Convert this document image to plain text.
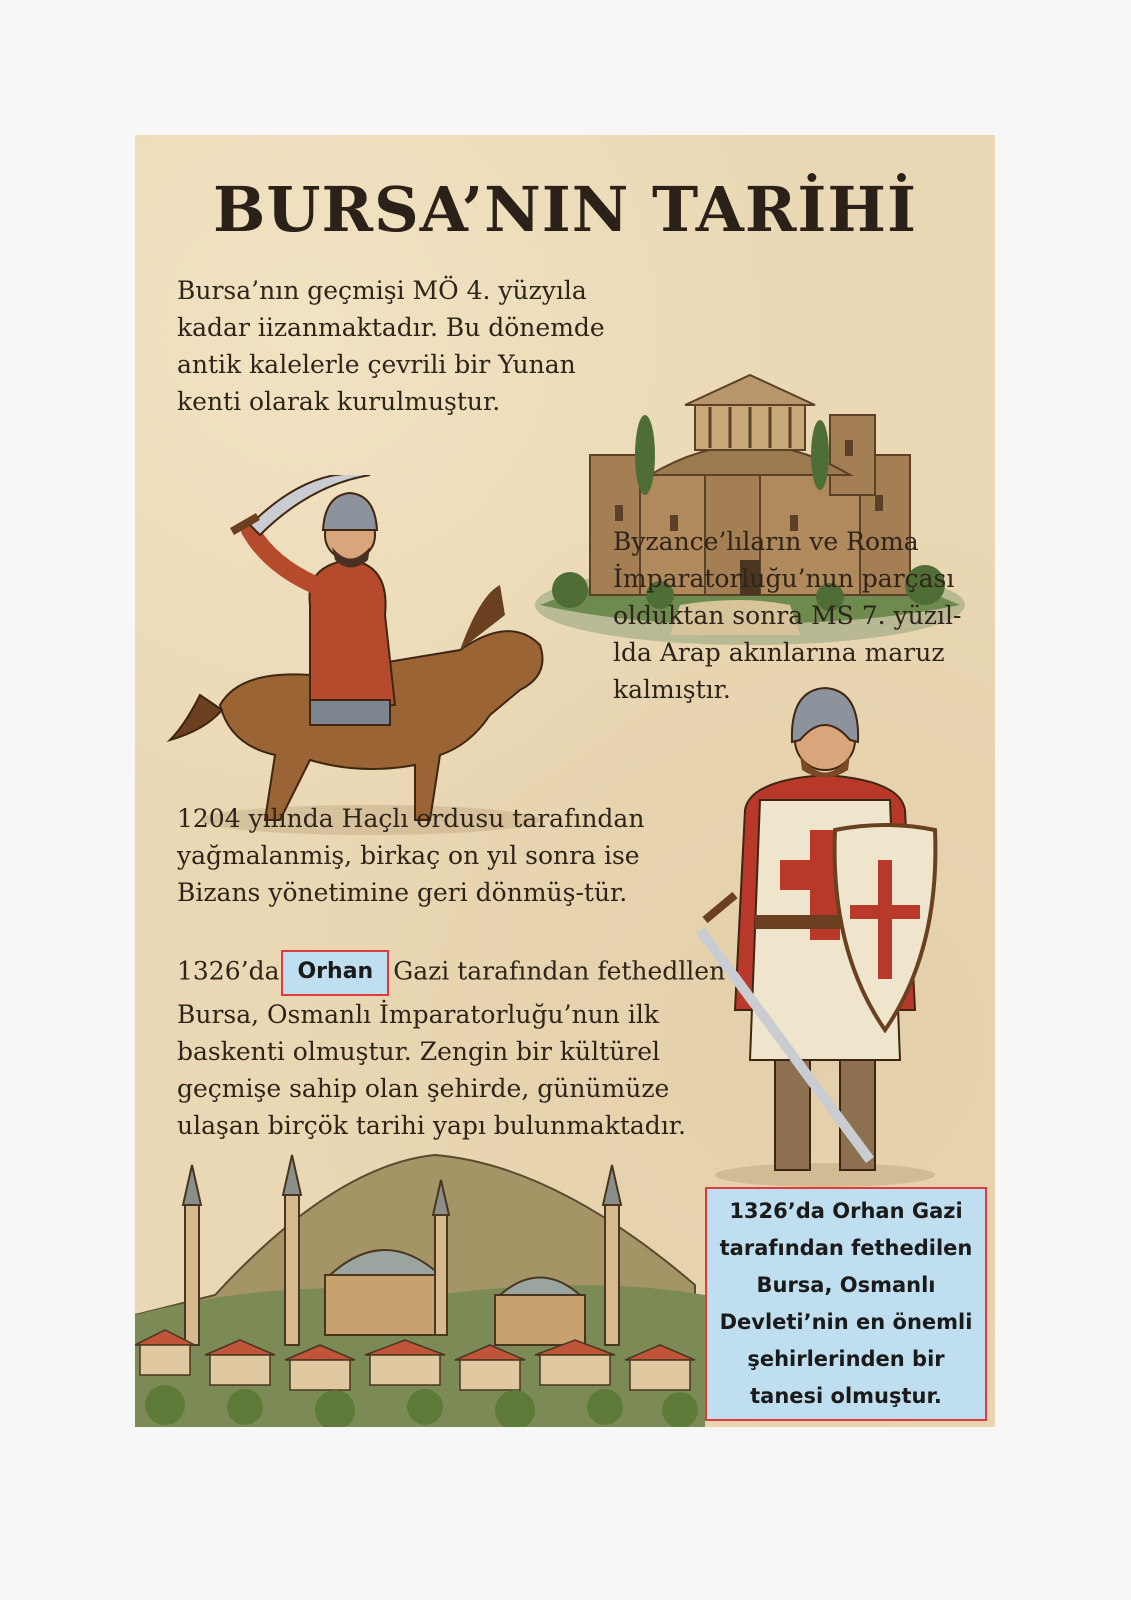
BURSA’NIN TARİHİ
Bursa’nın geçmişi MÖ 4. yüzyıla kadar iizanmaktadır. Bu dönemde antik kalelerle çevrili bir Yunan kenti olarak kurulmuştur.
Byzance’lıların ve Roma İmparatorluğu’nun parçası olduktan sonra MS 7. yüzıl-lda Arap akınlarına maruz kalmıştır.
1204 yılında Haçlı ordusu tarafından yağmalanmiş, birkaç on yıl sonra ise Bizans yönetimine geri dönmüş-tür.
1326’da Orhan Gazi tarafından fethedllen Bursa, Osmanlı İmparatorluğu’nun ilk baskenti olmuştur. Zengin bir kültürel geçmişe sahip olan şehirde, günümüze ulaşan birçök tarihi yapı bulunmaktadır.
1326’da Orhan Gazi tarafından fethedilen Bursa, Osmanlı Devleti’nin en önemli şehirlerinden bir tanesi olmuştur.
